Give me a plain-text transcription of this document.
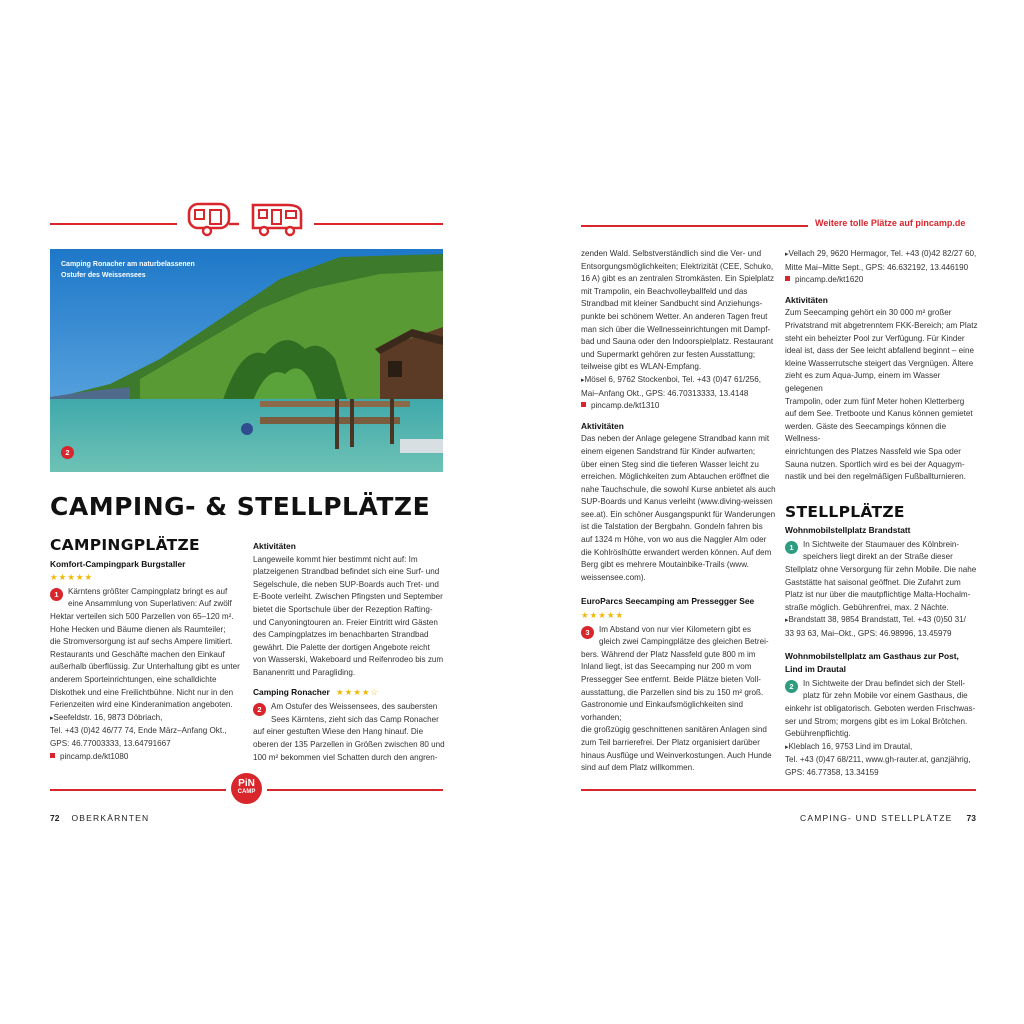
Camping Ronacher am naturbelassenen
Ostufer des Weissensees
2
CAMPING- & STELLPLÄTZE
CAMPINGPLÄTZE
Komfort-Campingpark Burgstaller
★★★★★
1	Kärntens größter Campingplatz bringt es auf

eine Ansammlung von Superlativen: Auf zwölf

Hektar verteilen sich 500 Parzellen von 65–120 m².

Hohe Hecken und Bäume dienen als Raumteiler;

die Stromversorgung ist auf sechs Ampere limitiert.

Restaurants und Geschäfte machen den Einkauf

außerhalb überflüssig. Zur Unterhaltung gibt es unter

anderem Sporteinrichtungen, eine schalldichte

Diskothek und eine Freilichtbühne. Nicht nur in den

Ferienzeiten wird eine Kinderanimation angeboten.

▸ Seefeldstr. 16, 9873 Döbriach,

Tel. +43 (0)42 46/77 74, Ende März–Anfang Okt.,

GPS: 46.77003333, 13.64791667

pincamp.de/kt1080

Aktivitäten

Langeweile kommt hier bestimmt nicht auf: Im

platzeigenen Strandbad befindet sich eine Surf- und

Segelschule, die neben SUP-Boards auch Tret- und

E-Boote verleiht. Zwischen Pfingsten und September

bietet die Sportschule über der Rezeption Rafting-

und Canyoningtouren an. Freier Eintritt wird Gästen

des Campingplatzes im benachbarten Strandbad

gewährt. Die Palette der dortigen Angebote reicht

von Wasserski, Wakeboard und Reifenrodeo bis zum

Bananenritt und Paragliding.

Camping Ronacher ★★★★☆
2	Am Ostufer des Weissensees, des saubersten

Sees Kärntens, zieht sich das Camp Ronacher

auf einer gestuften Wiese den Hang hinauf. Die

oberen der 135 Parzellen in Größen zwischen 80 und

100 m² bekommen viel Schatten durch den angren-

PiN
CAMP
72 OBERKÄRNTEN
Weitere tolle Plätze auf pincamp.de

zenden Wald. Selbstverständlich sind die Ver- und

Entsorgungsmöglichkeiten; Elektrizität (CEE, Schuko,

16 A) gibt es an zentralen Stromkästen. Ein Spielplatz

mit Trampolin, ein Beachvolleyballfeld und das

Strandbad mit kleiner Sandbucht sind Anziehungs-

punkte bei schönem Wetter. An anderen Tagen freut

man sich über die Wellnesseinrichtungen mit Dampf-

bad und Sauna oder den Indoorspielplatz. Restaurant

und Supermarkt gehören zur festen Ausstattung;

teilweise gibt es WLAN-Empfang.

▸ Mösel 6, 9762 Stockenboi, Tel. +43 (0)47 61/256,

Mai–Anfang Okt., GPS: 46.70313333, 13.4148

pincamp.de/kt1310

Aktivitäten

Das neben der Anlage gelegene Strandbad kann mit

einem eigenen Sandstrand für Kinder aufwarten;

über einen Steg sind die tieferen Wasser leicht zu

erreichen. Möglichkeiten zum Abtauchen eröffnet die

nahe Tauchschule, die sowohl Kurse anbietet als auch

SUP-Boards und Kanus verleiht (www.diving-weissen

see.at). Ein schöner Ausgangspunkt für Wanderungen

ist die Talstation der Bergbahn. Gondeln fahren bis

auf 1324 m Höhe, von wo aus die Naggler Alm oder

die Kohlröslhütte erwandert werden können. Auf dem

Berg gibt es mehrere Moutainbike-Trails (www.

weissensee.com).

EuroParcs Seecamping am Pressegger See
★★★★★
3	Im Abstand von nur vier Kilometern gibt es

gleich zwei Campingplätze des gleichen Betrei-

bers. Während der Platz Nassfeld gute 800 m im

Inland liegt, ist das Seecamping nur 200 m vom

Pressegger See entfernt. Beide Plätze bieten Voll-

ausstattung, die Parzellen sind bis zu 150 m² groß.

Gastronomie und Einkaufsmöglichkeiten sind vorhanden;

die großzügig geschnittenen sanitären Anlagen sind

zum Teil barrierefrei. Der Platz organisiert darüber

hinaus Ausflüge und Weinverkostungen. Auch Hunde

sind auf dem Platz willkommen.

▸ Vellach 29, 9620 Hermagor, Tel. +43 (0)42 82/27 60,

Mitte Mai–Mitte Sept., GPS: 46.632192, 13.446190

pincamp.de/kt1620

Aktivitäten

Zum Seecamping gehört ein 30 000 m² großer

Privatstrand mit abgetrenntem FKK-Bereich; am Platz

steht ein beheizter Pool zur Verfügung. Für Kinder

ideal ist, dass der See leicht abfallend beginnt – eine

kleine Wasserrutsche steigert das Vergnügen. Ältere

zieht es zum Aqua-Jump, einem im Wasser gelegenen

Trampolin, oder zum fünf Meter hohen Kletterberg

auf dem See. Tretboote und Kanus können gemietet

werden. Gäste des Seecampings können die Wellness-

einrichtungen des Platzes Nassfeld wie Spa oder

Sauna nutzen. Sportlich wird es bei der Aquagym-

nastik und bei den regelmäßigen Fußballturnieren.

STELLPLÄTZE
Wohnmobilstellplatz Brandstatt
1	In Sichtweite der Staumauer des Kölnbrein-

speichers liegt direkt an der Straße dieser

Stellplatz ohne Versorgung für zehn Mobile. Die nahe

Gaststätte hat saisonal geöffnet. Die Zufahrt zum

Platz ist nur über die mautpflichtige Malta-Hochalm-

straße möglich. Gebührenfrei, max. 2 Nächte.

▸ Brandstatt 38, 9854 Brandstatt, Tel. +43 (0)50 31/

33 93 63, Mai–Okt., GPS: 46.98996, 13.45979

Wohnmobilstellplatz am Gasthaus zur Post,
Lind im Drautal
2	In Sichtweite der Drau befindet sich der Stell-

platz für zehn Mobile vor einem Gasthaus, die

einkehr ist obligatorisch. Geboten werden Frischwas-

ser und Strom; morgens gibt es im Lokal Brötchen.

Gebührenpflichtig.

▸ Kleblach 16, 9753 Lind im Drautal,

Tel. +43 (0)47 68/211, www.gh-rauter.at, ganzjährig,

GPS: 46.77358, 13.34159

CAMPING- UND STELLPLÄTZE 73
